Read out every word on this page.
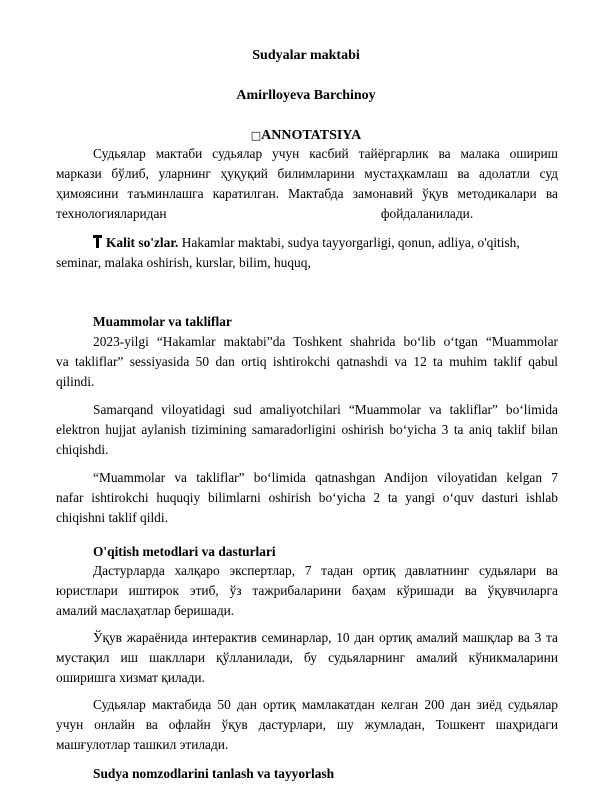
Sudyalar maktabi
Amirlloyeva Barchinoy
□ANNOTATSIYA
Судьялар мактаби судьялар учун касбий тайёргарлик ва малака ошириш
маркази бўлиб, уларнинг ҳуқуқий билимларини мустаҳкамлаш ва адолатли суд
ҳимоясини таъминлашга каратилган. Мактабда замонавий ўқув методикалари ва
технологияларидан                                                                фойдаланилади.
Kalit so'zlar. Hakamlar maktabi, sudya tayyorgarligi, qonun, adliya, o'qitish,
seminar, malaka oshirish, kurslar, bilim, huquq,
Muammolar va takliflar
2023-yilgi “Hakamlar maktabi”da Toshkent shahrida bo‘lib o‘tgan “Muammolar
va takliflar” sessiyasida 50 dan ortiq ishtirokchi qatnashdi va 12 ta muhim taklif qabul
qilindi.
Samarqand viloyatidagi sud amaliyotchilari “Muammolar va takliflar” bo‘limida
elektron hujjat aylanish tizimining samaradorligini oshirish bo‘yicha 3 ta aniq taklif bilan
chiqishdi.
“Muammolar va takliflar” bo‘limida qatnashgan Andijon viloyatidan kelgan 7
nafar ishtirokchi huquqiy bilimlarni oshirish bo‘yicha 2 ta yangi o‘quv dasturi ishlab
chiqishni taklif qildi.
O'qitish metodlari va dasturlari
Дастурларда халқаро экспертлар, 7 тадан ортиқ давлатнинг судьялари ва
юристлари иштирок этиб, ўз тажрибаларини баҳам кўришади ва ўқувчиларга
амалий маслаҳатлар беришади.
Ўқув жараёнида интерактив семинарлар, 10 дан ортиқ амалий машқлар ва 3 та
мустақил иш шакллари қўлланилади, бу судьяларнинг амалий кўникмаларини
оширишга хизмат қилади.
Судьялар мактабида 50 дан ортиқ мамлакатдан келган 200 дан зиёд судьялар
учун онлайн ва офлайн ўқув дастурлари, шу жумладан, Тошкент шаҳридаги
машғулотлар ташкил этилади.
Sudya nomzodlarini tanlash va tayyorlash
